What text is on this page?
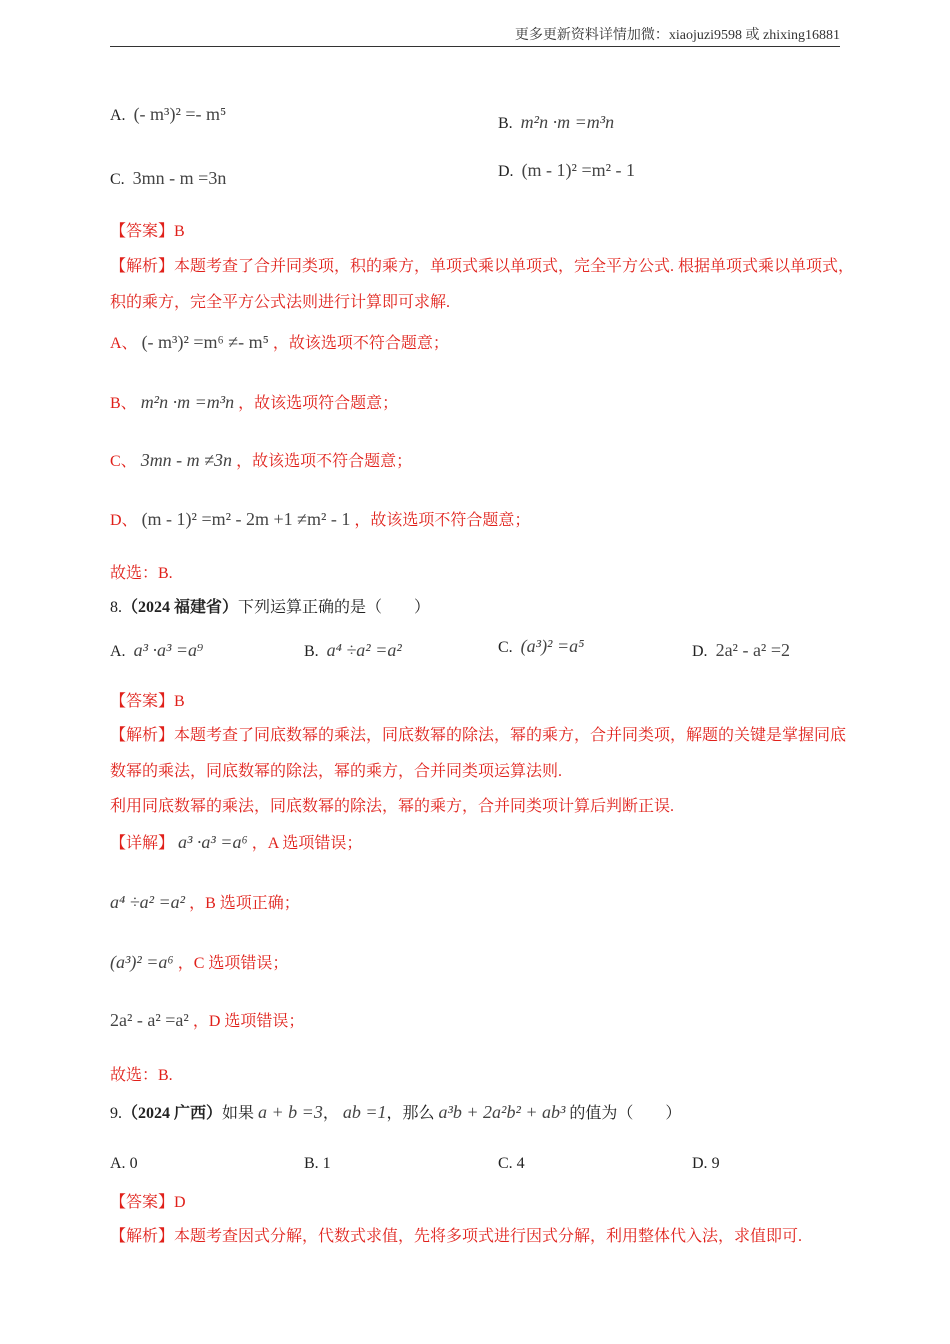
更多更新资料详情加微：xiaojuzi9598 或 zhixing16881
A. (- m³)² =- m⁵	B. m²n ·m =m³n
C. 3mn - m =3n	D. (m - 1)² =m² - 1
【答案】B
【解析】本题考查了合并同类项，积的乘方，单项式乘以单项式，完全平方公式. 根据单项式乘以单项式，
积的乘方，完全平方公式法则进行计算即可求解.
A、 (- m³)² =m⁶ ≠- m⁵ ，故该选项不符合题意；
B、 m²n ·m =m³n ，故该选项符合题意；
C、 3mn - m ≠3n ，故该选项不符合题意；
D、 (m - 1)² =m² - 2m +1 ≠m² - 1 ，故该选项不符合题意；
故选：B.
8.（2024 福建省）下列运算正确的是（　　）
A. a³ ·a³ =a⁹	B. a⁴ ÷a² =a²	C. (a³)² =a⁵	D. 2a² - a² =2
【答案】B
【解析】本题考查了同底数幂的乘法，同底数幂的除法，幂的乘方，合并同类项，解题的关键是掌握同底
数幂的乘法，同底数幂的除法，幂的乘方，合并同类项运算法则.
利用同底数幂的乘法，同底数幂的除法，幂的乘方，合并同类项计算后判断正误.
【详解】 a³ ·a³ =a⁶ ，A 选项错误；
a⁴ ÷a² =a² ，B 选项正确；
(a³)² =a⁶ ，C 选项错误；
2a² - a² =a² ，D 选项错误；
故选：B.
9.（2024 广西）如果 a + b =3， ab =1，那么 a³b + 2a²b² + ab³ 的值为（　　）
A. 0	B. 1	C. 4	D. 9
【答案】D
【解析】本题考查因式分解，代数式求值，先将多项式进行因式分解，利用整体代入法，求值即可.
